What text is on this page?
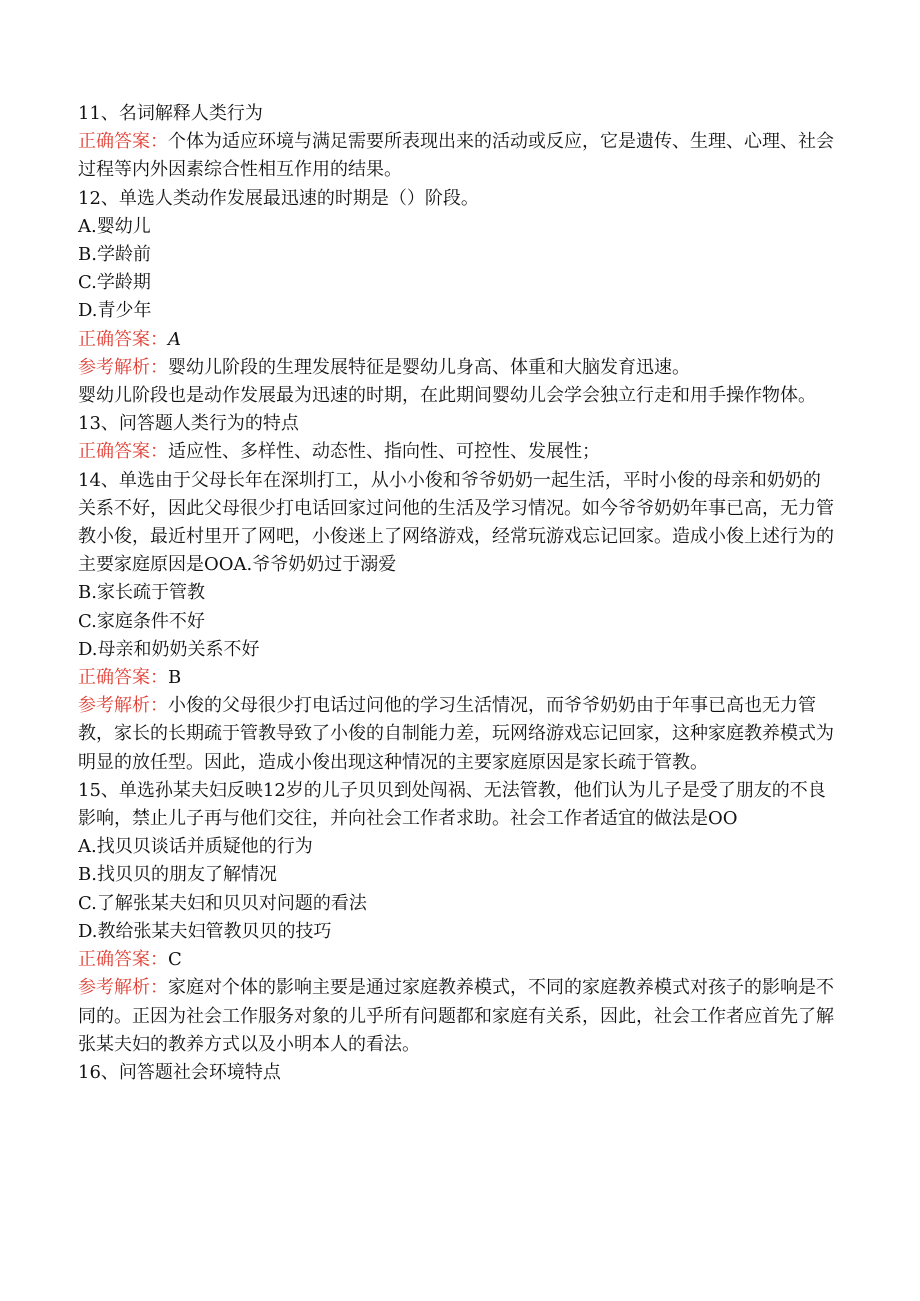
11、名词解释人类行为

正确答案：个体为适应环境与满足需要所表现出来的活动或反应，它是遗传、生理、心理、社会过程等内外因素综合性相互作用的结果。

12、单选人类动作发展最迅速的时期是（）阶段。

A.婴幼儿

B.学龄前

C.学龄期

D.青少年

正确答案：A

参考解析：婴幼儿阶段的生理发展特征是婴幼儿身高、体重和大脑发育迅速。

婴幼儿阶段也是动作发展最为迅速的时期，在此期间婴幼儿会学会独立行走和用手操作物体。

13、问答题人类行为的特点

正确答案：适应性、多样性、动态性、指向性、可控性、发展性；

14、单选由于父母长年在深圳打工，从小小俊和爷爷奶奶一起生活，平时小俊的母亲和奶奶的关系不好，因此父母很少打电话回家过问他的生活及学习情况。如今爷爷奶奶年事已高，无力管教小俊，最近村里开了网吧，小俊迷上了网络游戏，经常玩游戏忘记回家。造成小俊上述行为的主要家庭原因是OOA.爷爷奶奶过于溺爱

B.家长疏于管教

C.家庭条件不好

D.母亲和奶奶关系不好

正确答案：B

参考解析：小俊的父母很少打电话过问他的学习生活情况，而爷爷奶奶由于年事已高也无力管教，家长的长期疏于管教导致了小俊的自制能力差，玩网络游戏忘记回家，这种家庭教养模式为明显的放任型。因此，造成小俊出现这种情况的主要家庭原因是家长疏于管教。

15、单选孙某夫妇反映12岁的儿子贝贝到处闯祸、无法管教，他们认为儿子是受了朋友的不良影响，禁止儿子再与他们交往，并向社会工作者求助。社会工作者适宜的做法是OO

A.找贝贝谈话并质疑他的行为

B.找贝贝的朋友了解情况

C.了解张某夫妇和贝贝对问题的看法

D.教给张某夫妇管教贝贝的技巧

正确答案：C

参考解析：家庭对个体的影响主要是通过家庭教养模式，不同的家庭教养模式对孩子的影响是不同的。正因为社会工作服务对象的儿乎所有问题都和家庭有关系，因此，社会工作者应首先了解张某夫妇的教养方式以及小明本人的看法。

16、问答题社会环境特点
